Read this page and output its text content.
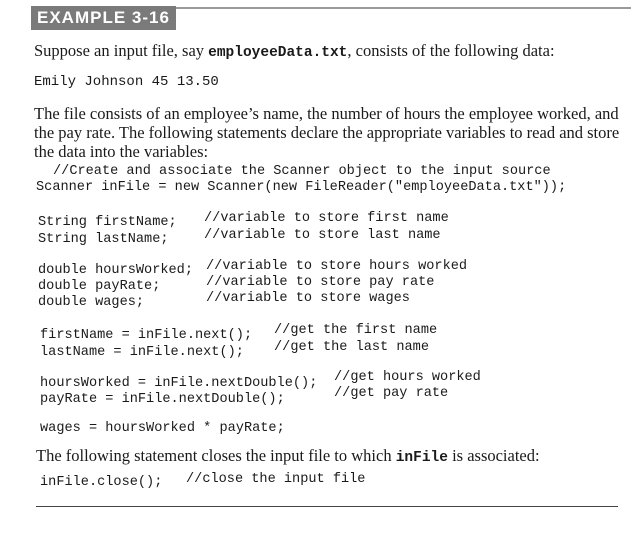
EXAMPLE 3-16

Suppose an input file, say employeeData.txt, consists of the following data:

Emily Johnson 45 13.50

The file consists of an employee’s name, the number of hours the employee worked, and

the pay rate. The following statements declare the appropriate variables to read and store

the data into the variables:

//Create and associate the Scanner object to the input source
Scanner inFile = new Scanner(new FileReader("employeeData.txt"));
String firstName; //variable to store first name
String lastName;	//variable to store last name
double hoursWorked; //variable to store hours worked
double payRate;	//variable to store pay rate
double wages;	//variable to store wages
firstName = inFile.next(); //get the first name
lastName = inFile.next(); //get the last name
hoursWorked = inFile.nextDouble(); //get hours worked
payRate = inFile.nextDouble();	//get pay rate
wages = hoursWorked * payRate;

The following statement closes the input file to which inFile is associated:

inFile.close(); //close the input file
